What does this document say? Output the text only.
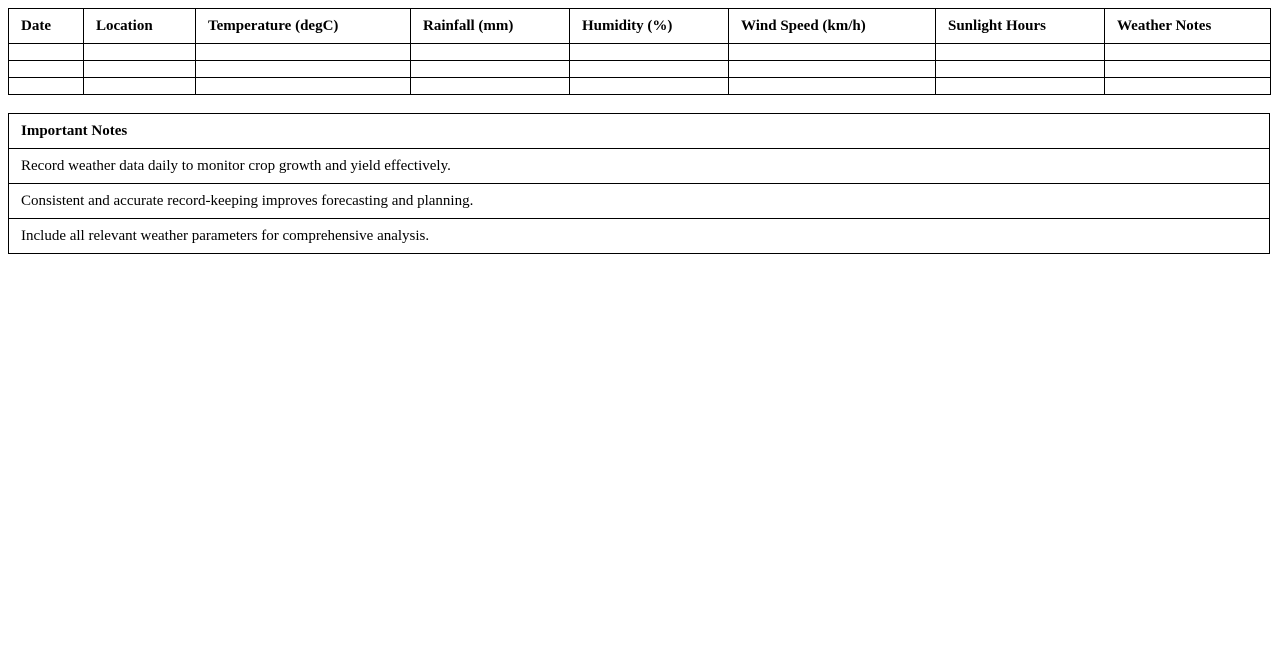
Date	Location	Temperature (degC)	Rainfall (mm)	Humidity (%)	Wind Speed (km/h)	Sunlight Hours	Weather Notes

Important Notes
Record weather data daily to monitor crop growth and yield effectively.
Consistent and accurate record-keeping improves forecasting and planning.
Include all relevant weather parameters for comprehensive analysis.
